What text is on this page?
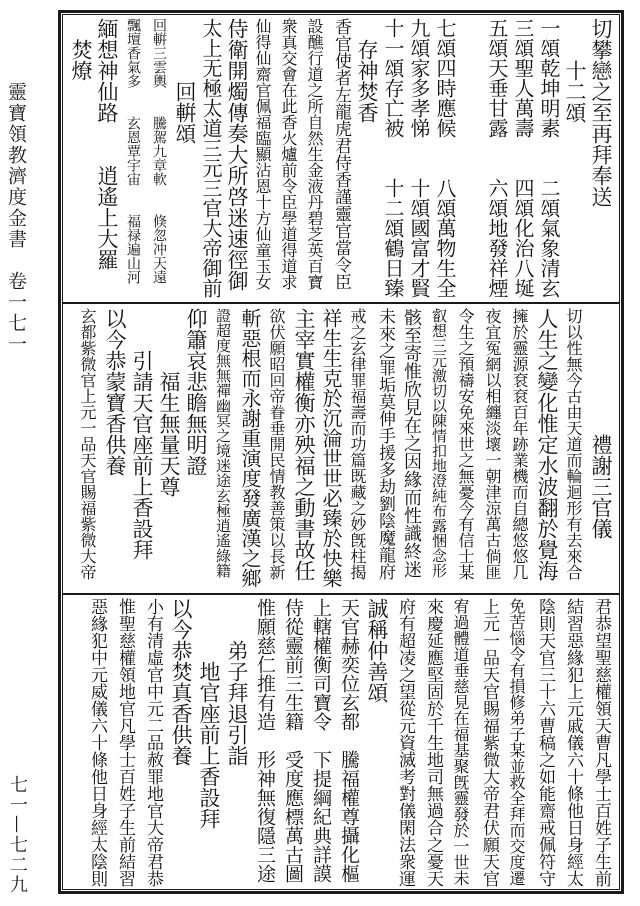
靈寶領教濟度金書　卷一七一
七一—七二九
切攀戀之至再拜奉送
十二頌
一頌乾坤明素　　二頌氣象清玄
三頌聖人萬壽　　四頌化治八埏
五頌天垂甘露　　六頌地發祥煙
七頌四時應候　　八頌萬物生全
九頌家多孝悌　　十頌國富才賢
十一頌存亡被　　十二頌鶴日臻
存神焚香
香官使者左龍虎君侍香謹靈官當令臣
設醮行道之所自然生金液丹碧芝英百寶
衆真交會在此香火爐前令臣學道得道求
仙得仙齋官佩福臨顯沾恩十方仙童玉女
侍衛開燭傳奏大所啓迷速徑御
太上无極太道三元三官大帝御前
回輧頌
回輧三雲輿　　騰駕九章軟　　倏忽冲天遠
飄壇香氣多　　玄恩覃宇宙　　福禄遍山河
緬想神仙路　　逍遙上大羅
焚燎
禮謝三官儀
切以性無今古由天道而輪迴形有去來合
人生之變化惟定水波翻於覺海
擁於靈源袞袞百年跡業機而自總悠悠几
夜宜冤網以相纏淡壞一朝津涼萬古倘匪
令生之預禱安免來世之無憂今有信士某
叡想三元激切以陳情扣地澄純布露悃念形
骸至寄惟欣見在之因緣而性識終迷
未來之罪垢莫伸手援多劫劉陰魔龍府
戒之玄律罪福壽而功篇既藏之妙旣柱揭
祥生生克於沉淪世世必臻於快樂
主宰實權衡亦殃福之動書故任
欲伏願昭回帝眷垂開民情教善策以長新
斬惡根而永謝重演度發廣漢之鄉
證超度無無禪幽冥之境迷途玄極逍遙綠籍
仰簫哀悲瞻無明證
福生無量天尊
引請天官座前上香設拜
以今恭蒙寶香供養
玄都紫微官上元一品天官賜福紫微大帝
君恭望聖慈權領天曹凡學士百姓子生前
結習惡緣犯上元戚儀六十條他日身經太
陰則天官三十六曹稿之如能齋戒佩符守
免苦惱令有損修弟子某並救全拜而交度遷
上元一品天官賜福紫微大帝君伏願天官
宥過體道垂慈見在福基聚旣靈發於一世未
來慶延應堅固於千生地司無過合之憂天
府有超凌之望從元資滅考對儀閑法衆運
誠稱仲善頌
天官赫奕位玄都　騰福權尊攝化樞
上轄權衡司寶令　下提綱紀典詳謨
侍從靈前三生籍　受度應標萬古圖
惟願慈仁推有造　形神無復隱三途
弟子拜退引詣
地官座前上香設拜
以今恭焚真香供養
小有清虛官中元二品赦罪地官大帝君恭
惟聖慈權領地官凡學士百姓子生前結習
惡緣犯中元威儀六十條他日身經太陰則
